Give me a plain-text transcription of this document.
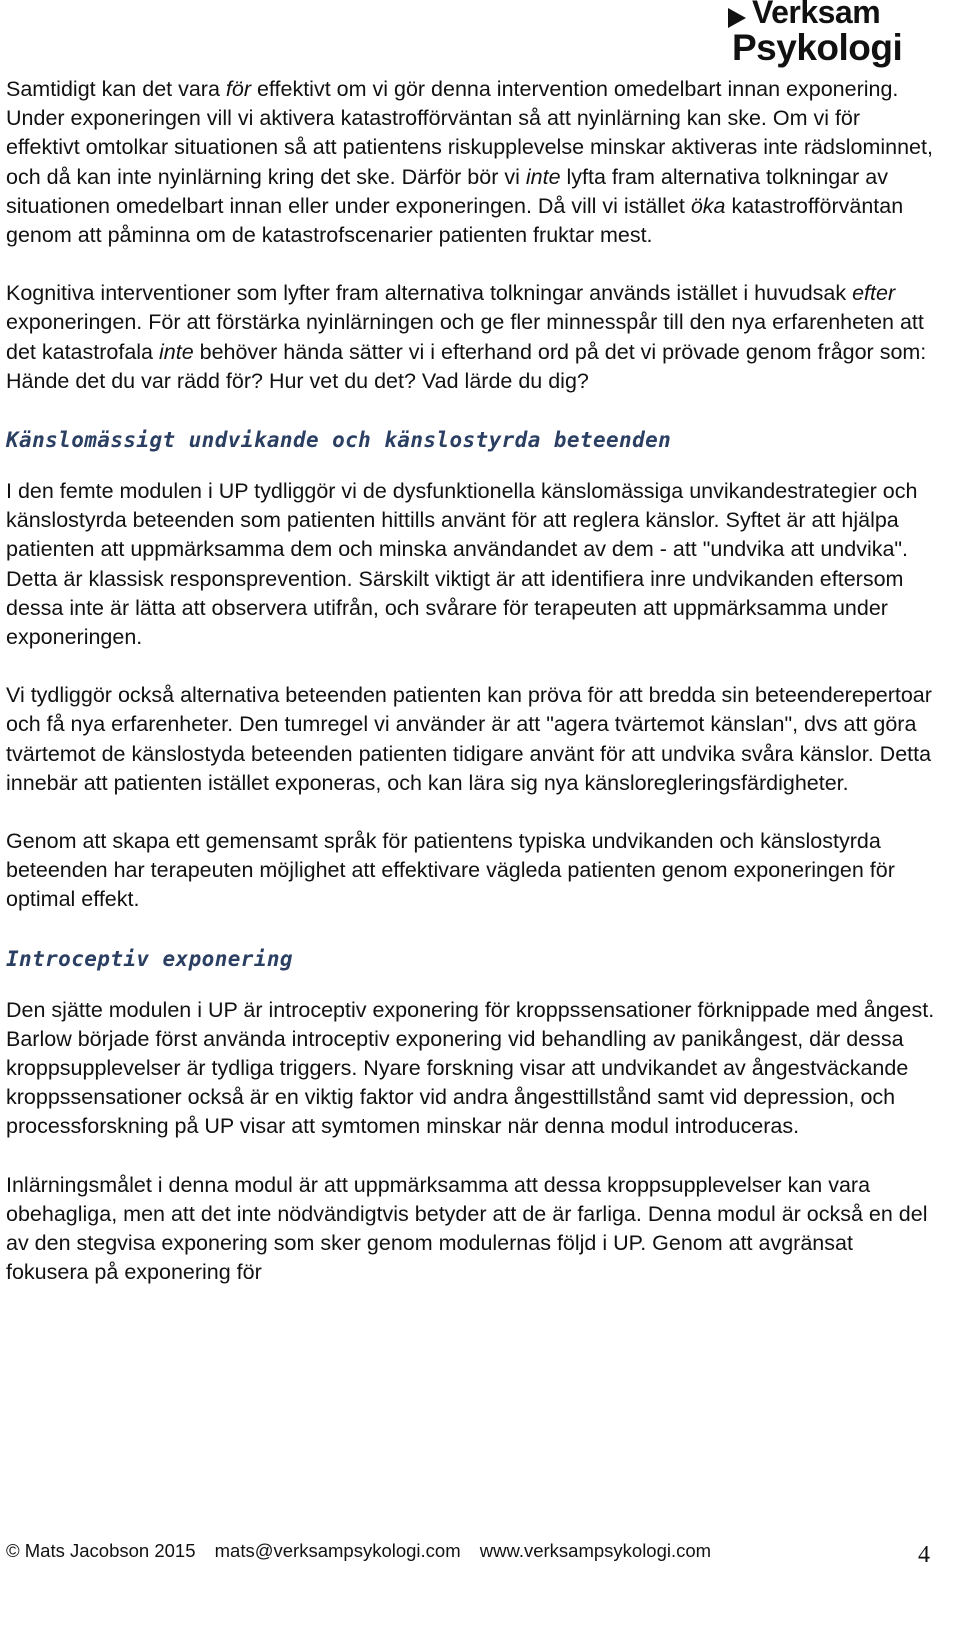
Verksam
Psykologi

Samtidigt kan det vara för effektivt om vi gör denna intervention omedelbart innan exponering. Under exponeringen vill vi aktivera katastrofförväntan så att nyinlärning kan ske. Om vi för effektivt omtolkar situationen så att patientens riskupplevelse minskar aktiveras inte rädslominnet, och då kan inte nyinlärning kring det ske. Därför bör vi inte lyfta fram alternativa tolkningar av situationen omedelbart innan eller under exponeringen. Då vill vi istället öka katastrofförväntan genom att påminna om de katastrofscenarier patienten fruktar mest.

Kognitiva interventioner som lyfter fram alternativa tolkningar används istället i huvudsak efter exponeringen. För att förstärka nyinlärningen och ge fler minnesspår till den nya erfarenheten att det katastrofala inte behöver hända sätter vi i efterhand ord på det vi prövade genom frågor som: Hände det du var rädd för? Hur vet du det? Vad lärde du dig?

Känslomässigt undvikande och känslostyrda beteenden

I den femte modulen i UP tydliggör vi de dysfunktionella känslomässiga unvikandestrategier och känslostyrda beteenden som patienten hittills använt för att reglera känslor. Syftet är att hjälpa patienten att uppmärksamma dem och minska användandet av dem - att "undvika att undvika". Detta är klassisk responsprevention. Särskilt viktigt är att identifiera inre undvikanden eftersom dessa inte är lätta att observera utifrån, och svårare för terapeuten att uppmärksamma under exponeringen.

Vi tydliggör också alternativa beteenden patienten kan pröva för att bredda sin beteenderepertoar och få nya erfarenheter. Den tumregel vi använder är att "agera tvärtemot känslan", dvs att göra tvärtemot de känslostyda beteenden patienten tidigare använt för att undvika svåra känslor. Detta innebär att patienten istället exponeras, och kan lära sig nya känsloregleringsfärdigheter.

Genom att skapa ett gemensamt språk för patientens typiska undvikanden och känslostyrda beteenden har terapeuten möjlighet att effektivare vägleda patienten genom exponeringen för optimal effekt.

Introceptiv exponering

Den sjätte modulen i UP är introceptiv exponering för kroppssensationer förknippade med ångest. Barlow började först använda introceptiv exponering vid behandling av panikångest, där dessa kroppsupplevelser är tydliga triggers. Nyare forskning visar att undvikandet av ångestväckande kroppssensationer också är en viktig faktor vid andra ångesttillstånd samt vid depression, och processforskning på UP visar att symtomen minskar när denna modul introduceras.

Inlärningsmålet i denna modul är att uppmärksamma att dessa kroppsupplevelser kan vara obehagliga, men att det inte nödvändigtvis betyder att de är farliga. Denna modul är också en del av den stegvisa exponering som sker genom modulernas följd i UP. Genom att avgränsat fokusera på exponering för

© Mats Jacobson 2015 mats@verksampsykologi.com www.verksampsykologi.com	4
